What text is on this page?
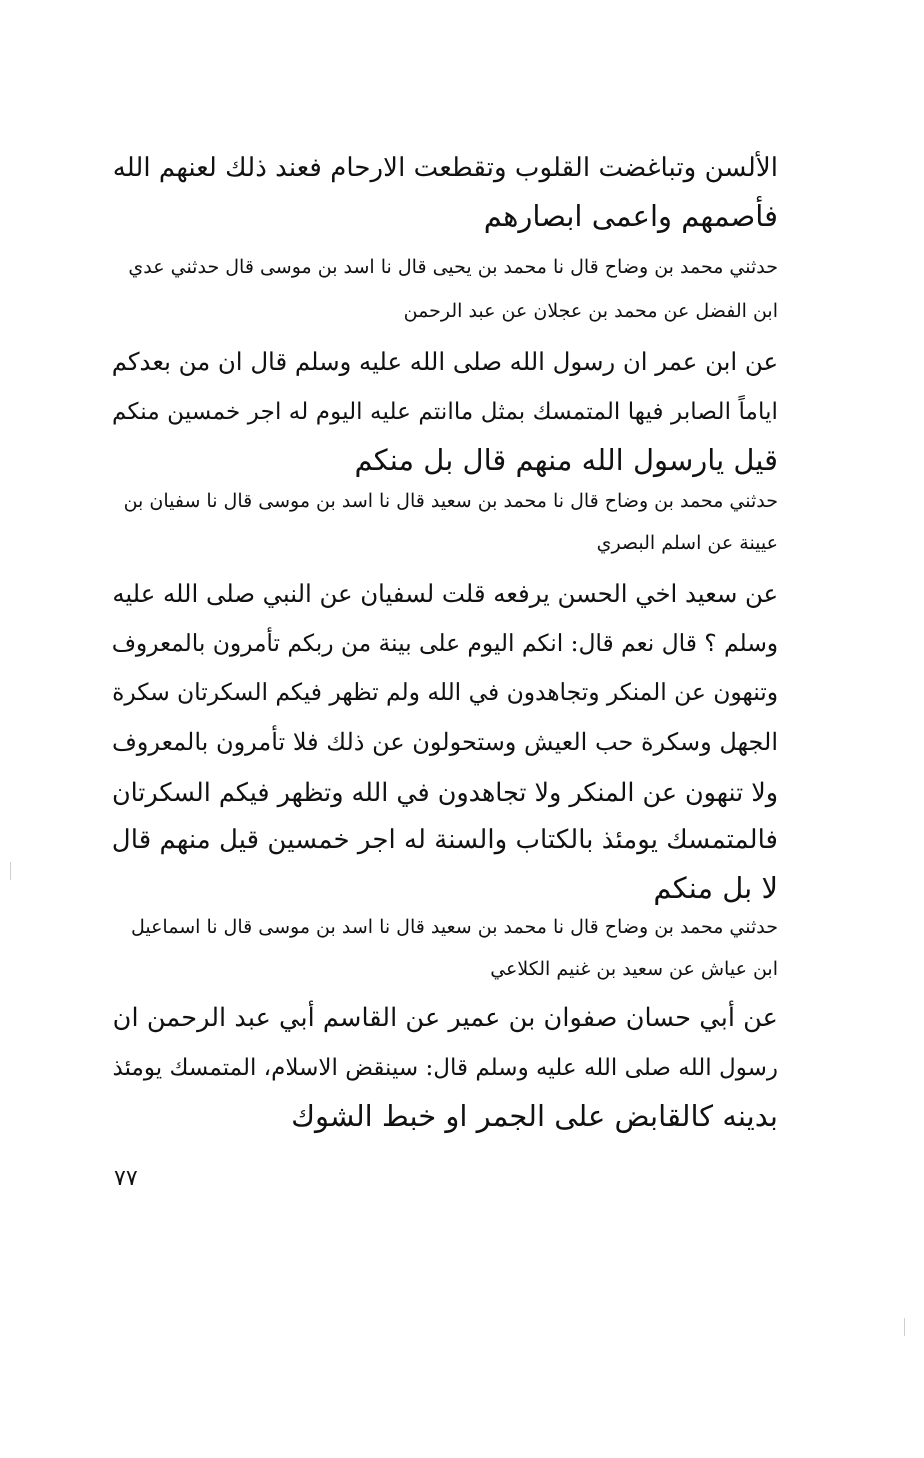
الألسن وتباغضت القلوب وتقطعت الارحام فعند ذلك لعنهم الله
فأصمهم واعمى ابصارهم
حدثني محمد بن وضاح قال نا محمد بن يحيى قال نا اسد بن موسى قال حدثني عدي
ابن الفضل عن محمد بن عجلان عن عبد الرحمن
عن ابن عمر ان رسول الله صلى الله عليه وسلم قال ان من بعدكم
اياماً الصابر فيها المتمسك بمثل ماانتم عليه اليوم له اجر خمسين منكم
قيل يارسول الله منهم قال بل منكم
حدثني محمد بن وضاح قال نا محمد بن سعيد قال نا اسد بن موسى قال نا سفيان بن
عيينة عن اسلم البصري
عن سعيد اخي الحسن يرفعه قلت لسفيان عن النبي صلى الله عليه
وسلم ؟ قال نعم قال: انكم اليوم على بينة من ربكم تأمرون بالمعروف
وتنهون عن المنكر وتجاهدون في الله ولم تظهر فيكم السكرتان سكرة
الجهل وسكرة حب العيش وستحولون عن ذلك فلا تأمرون بالمعروف
ولا تنهون عن المنكر ولا تجاهدون في الله وتظهر فيكم السكرتان
فالمتمسك يومئذ بالكتاب والسنة له اجر خمسين قيل منهم قال
لا بل منكم
حدثني محمد بن وضاح قال نا محمد بن سعيد قال نا اسد بن موسى قال نا اسماعيل
ابن عياش عن سعيد بن غنيم الكلاعي
عن أبي حسان صفوان بن عمير عن القاسم أبي عبد الرحمن ان
رسول الله صلى الله عليه وسلم قال: سينقض الاسلام، المتمسك يومئذ
بدينه كالقابض على الجمر او خبط الشوك
٧٧
